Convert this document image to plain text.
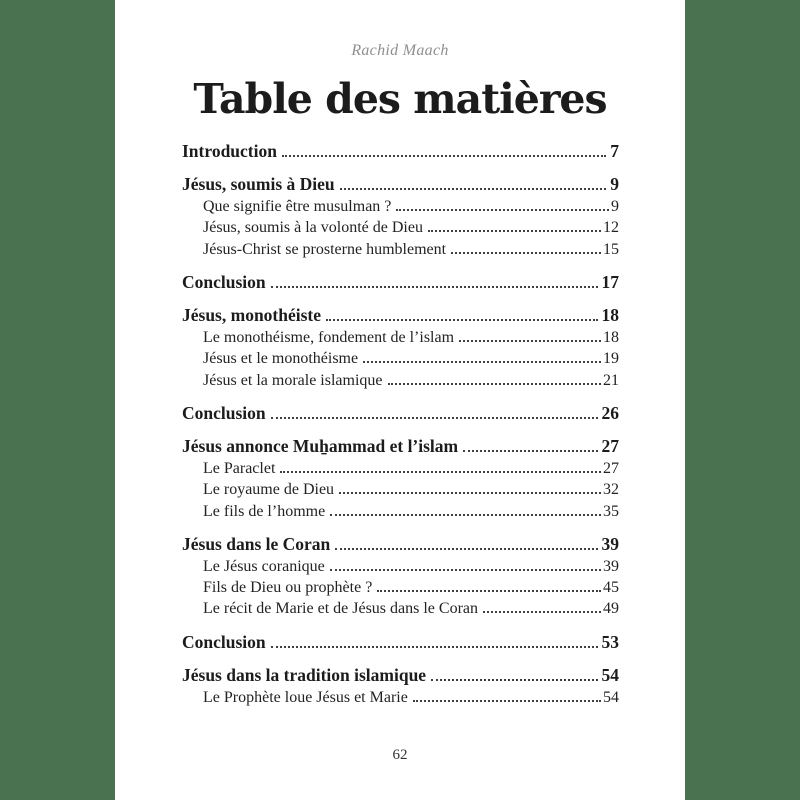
Rachid Maach
Table des matières
Introduction	7
Jésus, soumis à Dieu	9
Que signifie être musulman ?	9
Jésus, soumis à la volonté de Dieu	12
Jésus-Christ se prosterne humblement	15
Conclusion	17
Jésus, monothéiste	18
Le monothéisme, fondement de l’islam	18
Jésus et le monothéisme	19
Jésus et la morale islamique	21
Conclusion	26
Jésus annonce Muẖammad et l’islam	27
Le Paraclet	27
Le royaume de Dieu	32
Le fils de l’homme	35
Jésus dans le Coran	39
Le Jésus coranique	39
Fils de Dieu ou prophète ?	45
Le récit de Marie et de Jésus dans le Coran	49
Conclusion	53
Jésus dans la tradition islamique	54
Le Prophète loue Jésus et Marie	54
62
